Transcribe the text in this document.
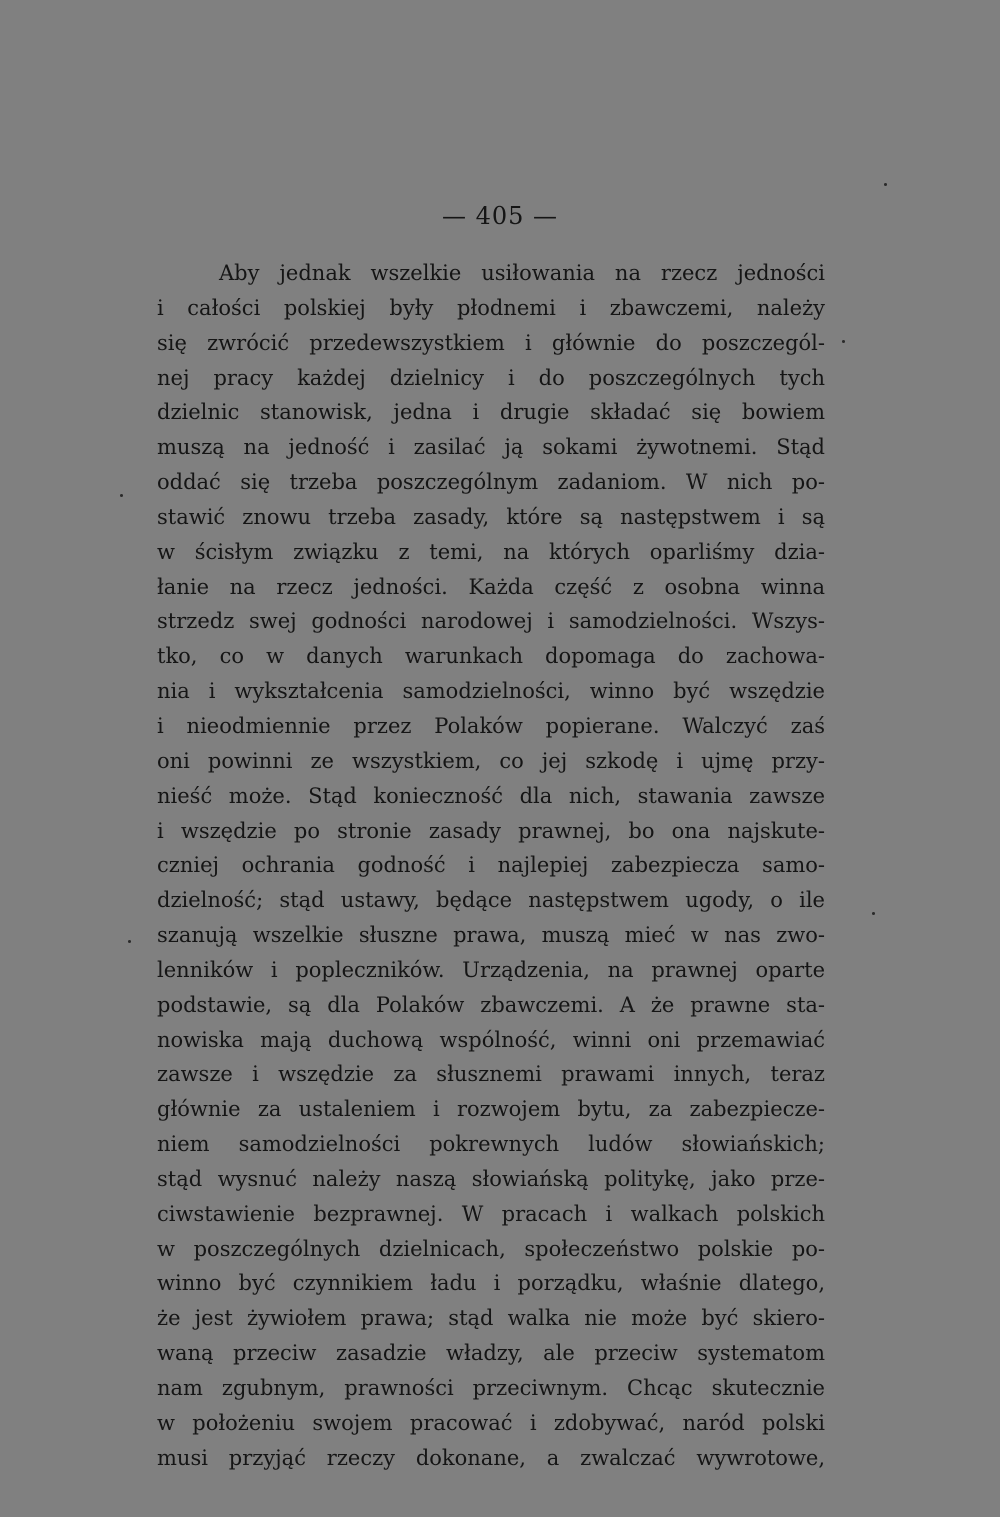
— 405 —
Aby jednak wszelkie usiłowania na rzecz jedności
i całości polskiej były płodnemi i zbawczemi, należy
się zwrócić przedewszystkiem i głównie do poszczegól-
nej pracy każdej dzielnicy i do poszczególnych tych
dzielnic stanowisk, jedna i drugie składać się bowiem
muszą na jedność i zasilać ją sokami żywotnemi. Stąd
oddać się trzeba poszczególnym zadaniom. W nich po-
stawić znowu trzeba zasady, które są następstwem i są
w ścisłym związku z temi, na których oparliśmy dzia-
łanie na rzecz jedności. Każda część z osobna winna
strzedz swej godności narodowej i samodzielności. Wszys-
tko, co w danych warunkach dopomaga do zachowa-
nia i wykształcenia samodzielności, winno być wszędzie
i nieodmiennie przez Polaków popierane. Walczyć zaś
oni powinni ze wszystkiem, co jej szkodę i ujmę przy-
nieść może. Stąd konieczność dla nich, stawania zawsze
i wszędzie po stronie zasady prawnej, bo ona najskute-
czniej ochrania godność i najlepiej zabezpiecza samo-
dzielność; stąd ustawy, będące następstwem ugody, o ile
szanują wszelkie słuszne prawa, muszą mieć w nas zwo-
lenników i popleczników. Urządzenia, na prawnej oparte
podstawie, są dla Polaków zbawczemi. A że prawne sta-
nowiska mają duchową wspólność, winni oni przemawiać
zawsze i wszędzie za słusznemi prawami innych, teraz
głównie za ustaleniem i rozwojem bytu, za zabezpiecze-
niem samodzielności pokrewnych ludów słowiańskich;
stąd wysnuć należy naszą słowiańską politykę, jako prze-
ciwstawienie bezprawnej. W pracach i walkach polskich
w poszczególnych dzielnicach, społeczeństwo polskie po-
winno być czynnikiem ładu i porządku, właśnie dlatego,
że jest żywiołem prawa; stąd walka nie może być skiero-
waną przeciw zasadzie władzy, ale przeciw systematom
nam zgubnym, prawności przeciwnym. Chcąc skutecznie
w położeniu swojem pracować i zdobywać, naród polski
musi przyjąć rzeczy dokonane, a zwalczać wywrotowe,
